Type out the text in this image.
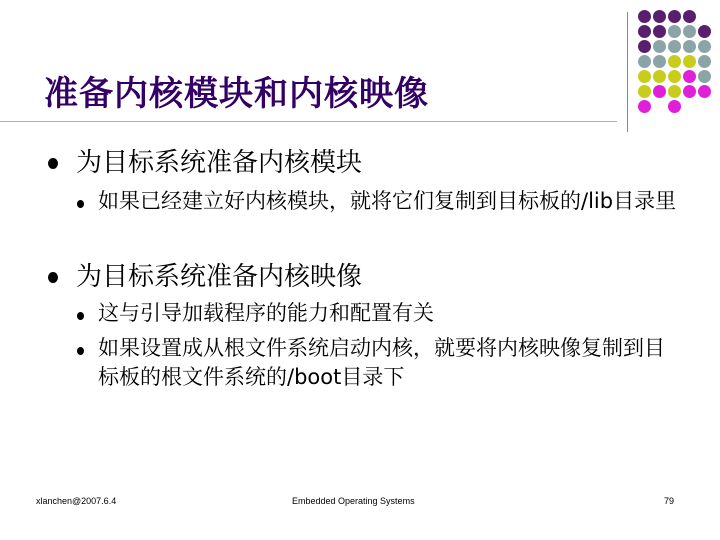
准备内核模块和内核映像
为目标系统准备内核模块
如果已经建立好内核模块，就将它们复制到目标板的/lib目录里
为目标系统准备内核映像
这与引导加载程序的能力和配置有关
如果设置成从根文件系统启动内核，就要将内核映像复制到目标板的根文件系统的/boot目录下
xlanchen@2007.6.4	Embedded Operating Systems	79
